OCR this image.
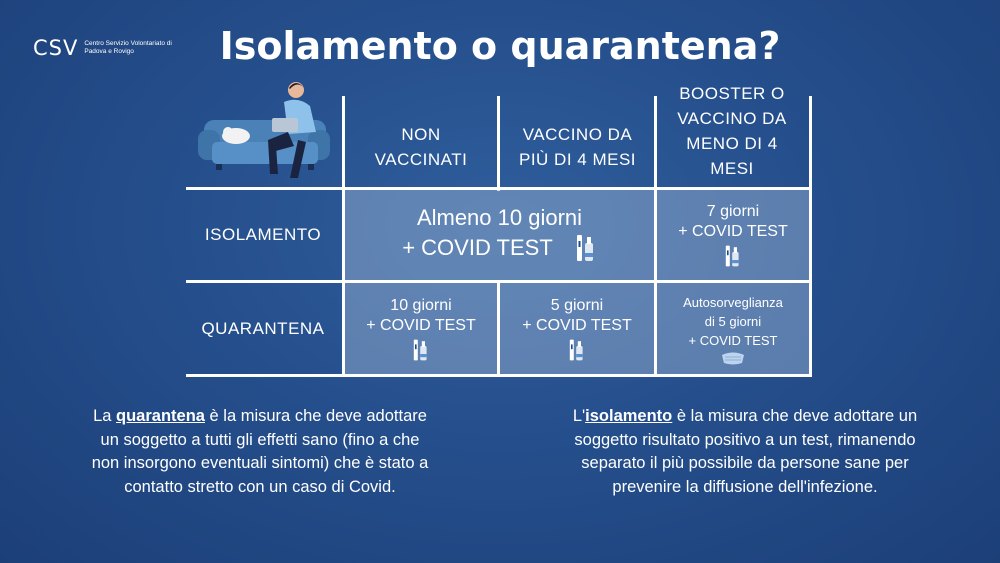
CSV Centro Servizio Volontariato di Padova e Rovigo	Isolamento o quarantena?
NON VACCINATI
VACCINO DA PIÙ DI 4 MESI
BOOSTER O VACCINO DA MENO DI 4 MESI
ISOLAMENTO
QUARANTENA
Almeno 10 giorni
+ COVID TEST
7 giorni
+ COVID TEST
10 giorni
+ COVID TEST
5 giorni
+ COVID TEST
Autosorveglianza
di 5 giorni
+ COVID TEST
La quarantena è la misura che deve adottare un soggetto a tutti gli effetti sano (fino a che non insorgono eventuali sintomi) che è stato a contatto stretto con un caso di Covid.
L'isolamento è la misura che deve adottare un soggetto risultato positivo a un test, rimanendo separato il più possibile da persone sane per prevenire la diffusione dell'infezione.
